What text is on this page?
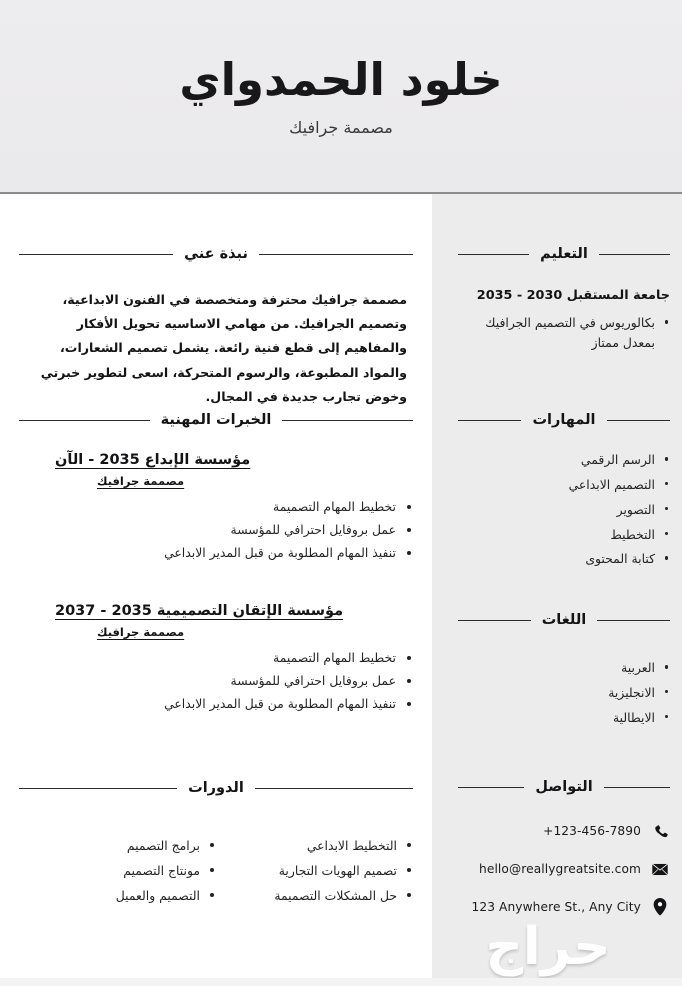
خلود الحمدواي
مصممة جرافيك
نبذة عني
مصممة جرافيك محترفة ومتخصصة في الفنون الابداعية، وتصميم الجرافيك. من مهامي الاساسيه تحويل الأفكار والمفاهيم إلى قطع فنية رائعة. يشمل تصميم الشعارات، والمواد المطبوعة، والرسوم المتحركة، اسعى لتطوير خبرتي وخوض تجارب جديدة في المجال.
الخبرات المهنية
مؤسسة الإبداع 2035 - الآن
مصممة جرافيك
تخطيط المهام التصميمة
عمل بروفايل احترافي للمؤسسة
تنفيذ المهام المطلوبة من قبل المدير الابداعي
مؤسسة الإتقان التصميمية 2035 - 2037
مصممة جرافيك
تخطيط المهام التصميمة
عمل بروفايل احترافي للمؤسسة
تنفيذ المهام المطلوبة من قبل المدير الابداعي
الدورات
التخطيط الابداعي
تصميم الهويات التجارية
حل المشكلات التصميمة
برامج التصميم
مونتاج التصميم
التصميم والعميل
التعليم
جامعة المستقبل 2030 - 2035
بكالوريوس في التصميم الجرافيك بمعدل ممتاز
المهارات
الرسم الرقمي
التصميم الابداعي
التصوير
التخطيط
كتابة المحتوى
اللغات
العربية
الانجليزية
الايطالية
التواصل
+123-456-7890
hello@reallygreatsite.com
123 Anywhere St., Any City
حراج
